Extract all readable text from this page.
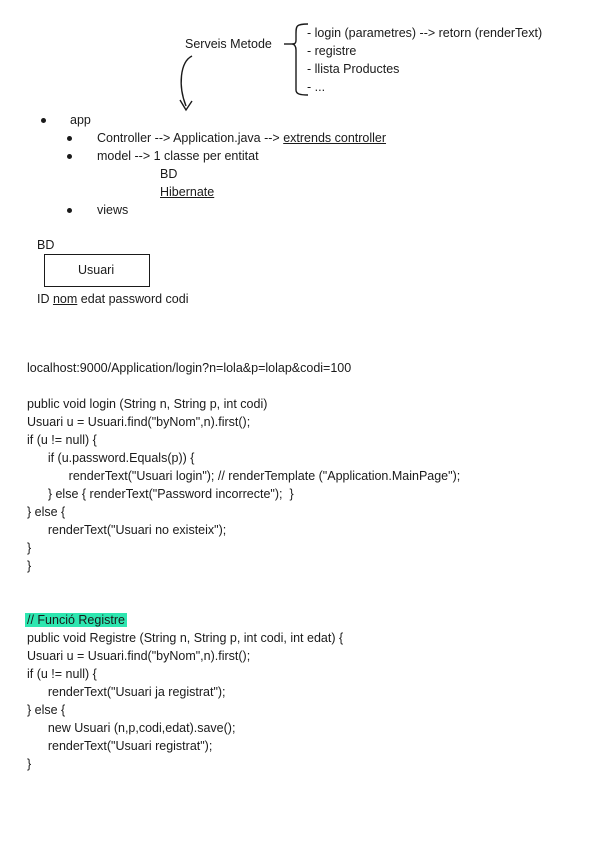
Serveis Metode
- login (parametres) --> retorn (renderText)
- registre
- llista Productes
- ...
app
Controller --> Application.java --> extrends controller
model --> 1 classe per entitat
BD
Hibernate
views
BD
Usuari
ID nom edat password codi
localhost:9000/Application/login?n=lola&p=lolap&codi=100
public void login (String n, String p, int codi)
Usuari u = Usuari.find("byNom",n).first();
if (u != null) {
if (u.password.Equals(p)) {
renderText("Usuari login"); // renderTemplate ("Application.MainPage");
} else { renderText("Password incorrecte");  }
} else {
renderText("Usuari no existeix");
}
}
// Funció Registre
public void Registre (String n, String p, int codi, int edat) {
Usuari u = Usuari.find("byNom",n).first();
if (u != null) {
renderText("Usuari ja registrat");
} else {
new Usuari (n,p,codi,edat).save();
renderText("Usuari registrat");
}
